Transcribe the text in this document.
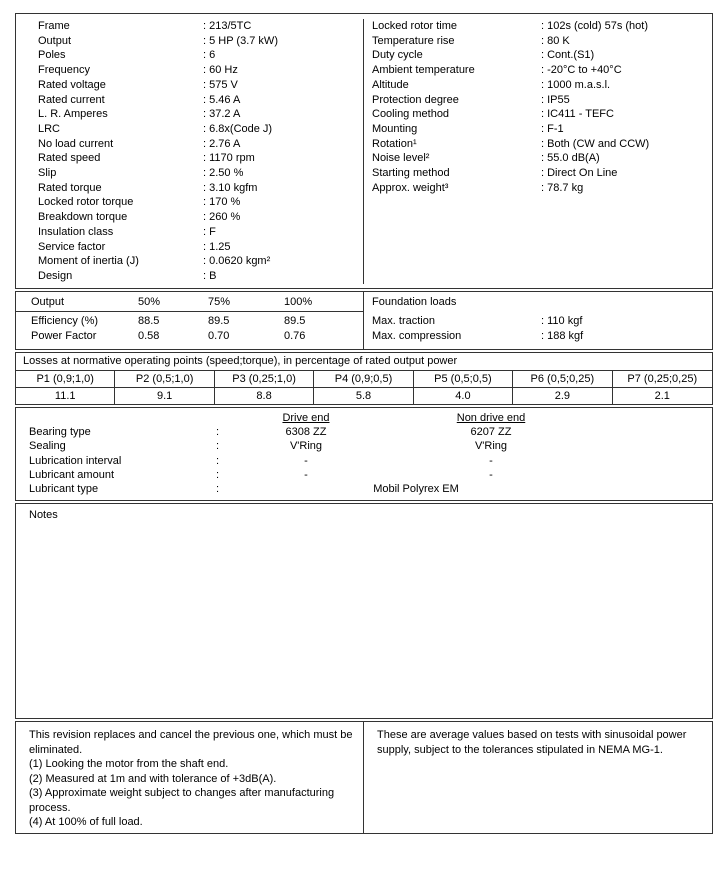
Frame	: 213/5TC
Output	: 5 HP (3.7 kW)
Poles	: 6
Frequency	: 60 Hz
Rated voltage	: 575 V
Rated current	: 5.46 A
L. R. Amperes	: 37.2 A
LRC	: 6.8x(Code J)
No load current	: 2.76 A
Rated speed	: 1170 rpm
Slip	: 2.50 %
Rated torque	: 3.10 kgfm
Locked rotor torque	: 170 %
Breakdown torque	: 260 %
Insulation class	: F
Service factor	: 1.25
Moment of inertia (J)	: 0.0620 kgm²
Design	: B
Locked rotor time	: 102s (cold) 57s (hot)
Temperature rise	: 80 K
Duty cycle	: Cont.(S1)
Ambient temperature	: -20°C to +40°C
Altitude	: 1000 m.a.s.l.
Protection degree	: IP55
Cooling method	: IC411 - TEFC
Mounting	: F-1
Rotation¹	: Both (CW and CCW)
Noise level²	: 55.0 dB(A)
Starting method	: Direct On Line
Approx. weight³	: 78.7 kg
Output	50%	75%	100%
Efficiency (%)	88.5	89.5	89.5
Power Factor	0.58	0.70	0.76
Foundation loads
Max. traction	: 110 kgf
Max. compression	: 188 kgf
Losses at normative operating points (speed;torque), in percentage of rated output power
P1 (0,9;1,0)	P2 (0,5;1,0)	P3 (0,25;1,0)	P4 (0,9;0,5)	P5 (0,5;0,5)	P6 (0,5;0,25)	P7 (0,25;0,25)
11.1	9.1	8.8	5.8	4.0	2.9	2.1
Drive end	Non drive end
Bearing type	:	6308 ZZ	6207 ZZ
Sealing	:	V'Ring	V'Ring
Lubrication interval	:	-	-
Lubricant amount	:	-	-
Lubricant type	:	Mobil Polyrex EM
Notes
This revision replaces and cancel the previous one, which must be eliminated.
(1) Looking the motor from the shaft end.
(2) Measured at 1m and with tolerance of +3dB(A).
(3) Approximate weight subject to changes after manufacturing process.
(4) At 100% of full load.
These are average values based on tests with sinusoidal power supply, subject to the tolerances stipulated in NEMA MG-1.
